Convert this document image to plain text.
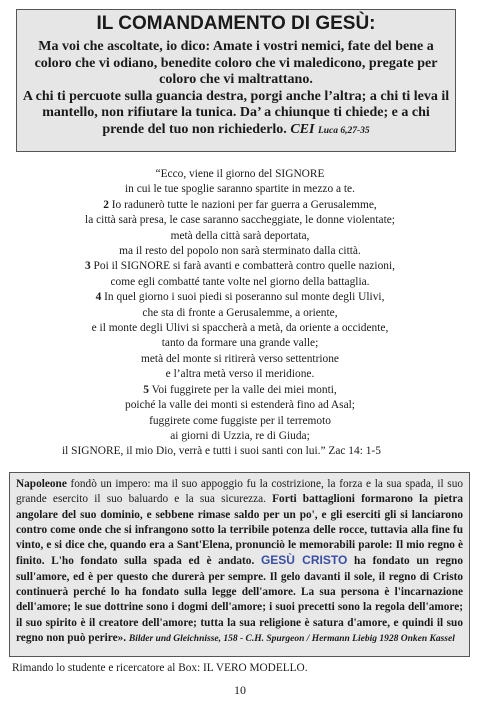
IL COMANDAMENTO DI GESÙ:

Ma voi che ascoltate, io dico: Amate i vostri nemici, fate del bene a coloro che vi odiano, benedite coloro che vi maledicono, pregate per coloro che vi maltrattano.

A chi ti percuote sulla guancia destra, porgi anche l’altra; a chi ti leva il mantello, non rifiutare la tunica. Da’ a chiunque ti chiede; e a chi prende del tuo non richiederlo. CEI Luca 6,27-35

“Ecco, viene il giorno del SIGNORE
in cui le tue spoglie saranno spartite in mezzo a te.
2 Io radunerò tutte le nazioni per far guerra a Gerusalemme,
la città sarà presa, le case saranno saccheggiate, le donne violentate;
metà della città sarà deportata,
ma il resto del popolo non sarà sterminato dalla città.
3 Poi il SIGNORE si farà avanti e combatterà contro quelle nazioni,
come egli combatté tante volte nel giorno della battaglia.
4 In quel giorno i suoi piedi si poseranno sul monte degli Ulivi,
che sta di fronte a Gerusalemme, a oriente,
e il monte degli Ulivi si spaccherà a metà, da oriente a occidente,
tanto da formare una grande valle;
metà del monte si ritirerà verso settentrione
e l’altra metà verso il meridione.
5 Voi fuggirete per la valle dei miei monti,
poiché la valle dei monti si estenderà fino ad Asal;
fuggirete come fuggiste per il terremoto
ai giorni di Uzzia, re di Giuda;
il SIGNORE, il mio Dio, verrà e tutti i suoi santi con lui.” Zac 14: 1-5
Napoleone fondò un impero: ma il suo appoggio fu la costrizione, la forza e la sua spada, il suo grande esercito il suo baluardo e la sua sicurezza. Forti battaglioni formarono la pietra angolare del suo dominio, e sebbene rimase saldo per un po', e gli eserciti gli si lanciarono contro come onde che si infrangono sotto la terribile potenza delle rocce, tuttavia alla fine fu vinto, e si dice che, quando era a Sant'Elena, pronunciò le memorabili parole: Il mio regno è finito. L'ho fondato sulla spada ed è andato. GESÙ CRISTO ha fondato un regno sull'amore, ed è per questo che durerà per sempre. Il gelo davanti il sole, il regno di Cristo continuerà perché lo ha fondato sulla legge dell'amore. La sua persona è l'incarnazione dell'amore; le sue dottrine sono i dogmi dell'amore; i suoi precetti sono la regola dell'amore; il suo spirito è il creatore dell'amore; tutta la sua religione è satura d'amore, e quindi il suo regno non può perire». Bilder und Gleichnisse, 158 - C.H. Spurgeon / Hermann Liebig 1928 Onken Kassel
Rimando lo studente e ricercatore al Box: IL VERO MODELLO.
10
